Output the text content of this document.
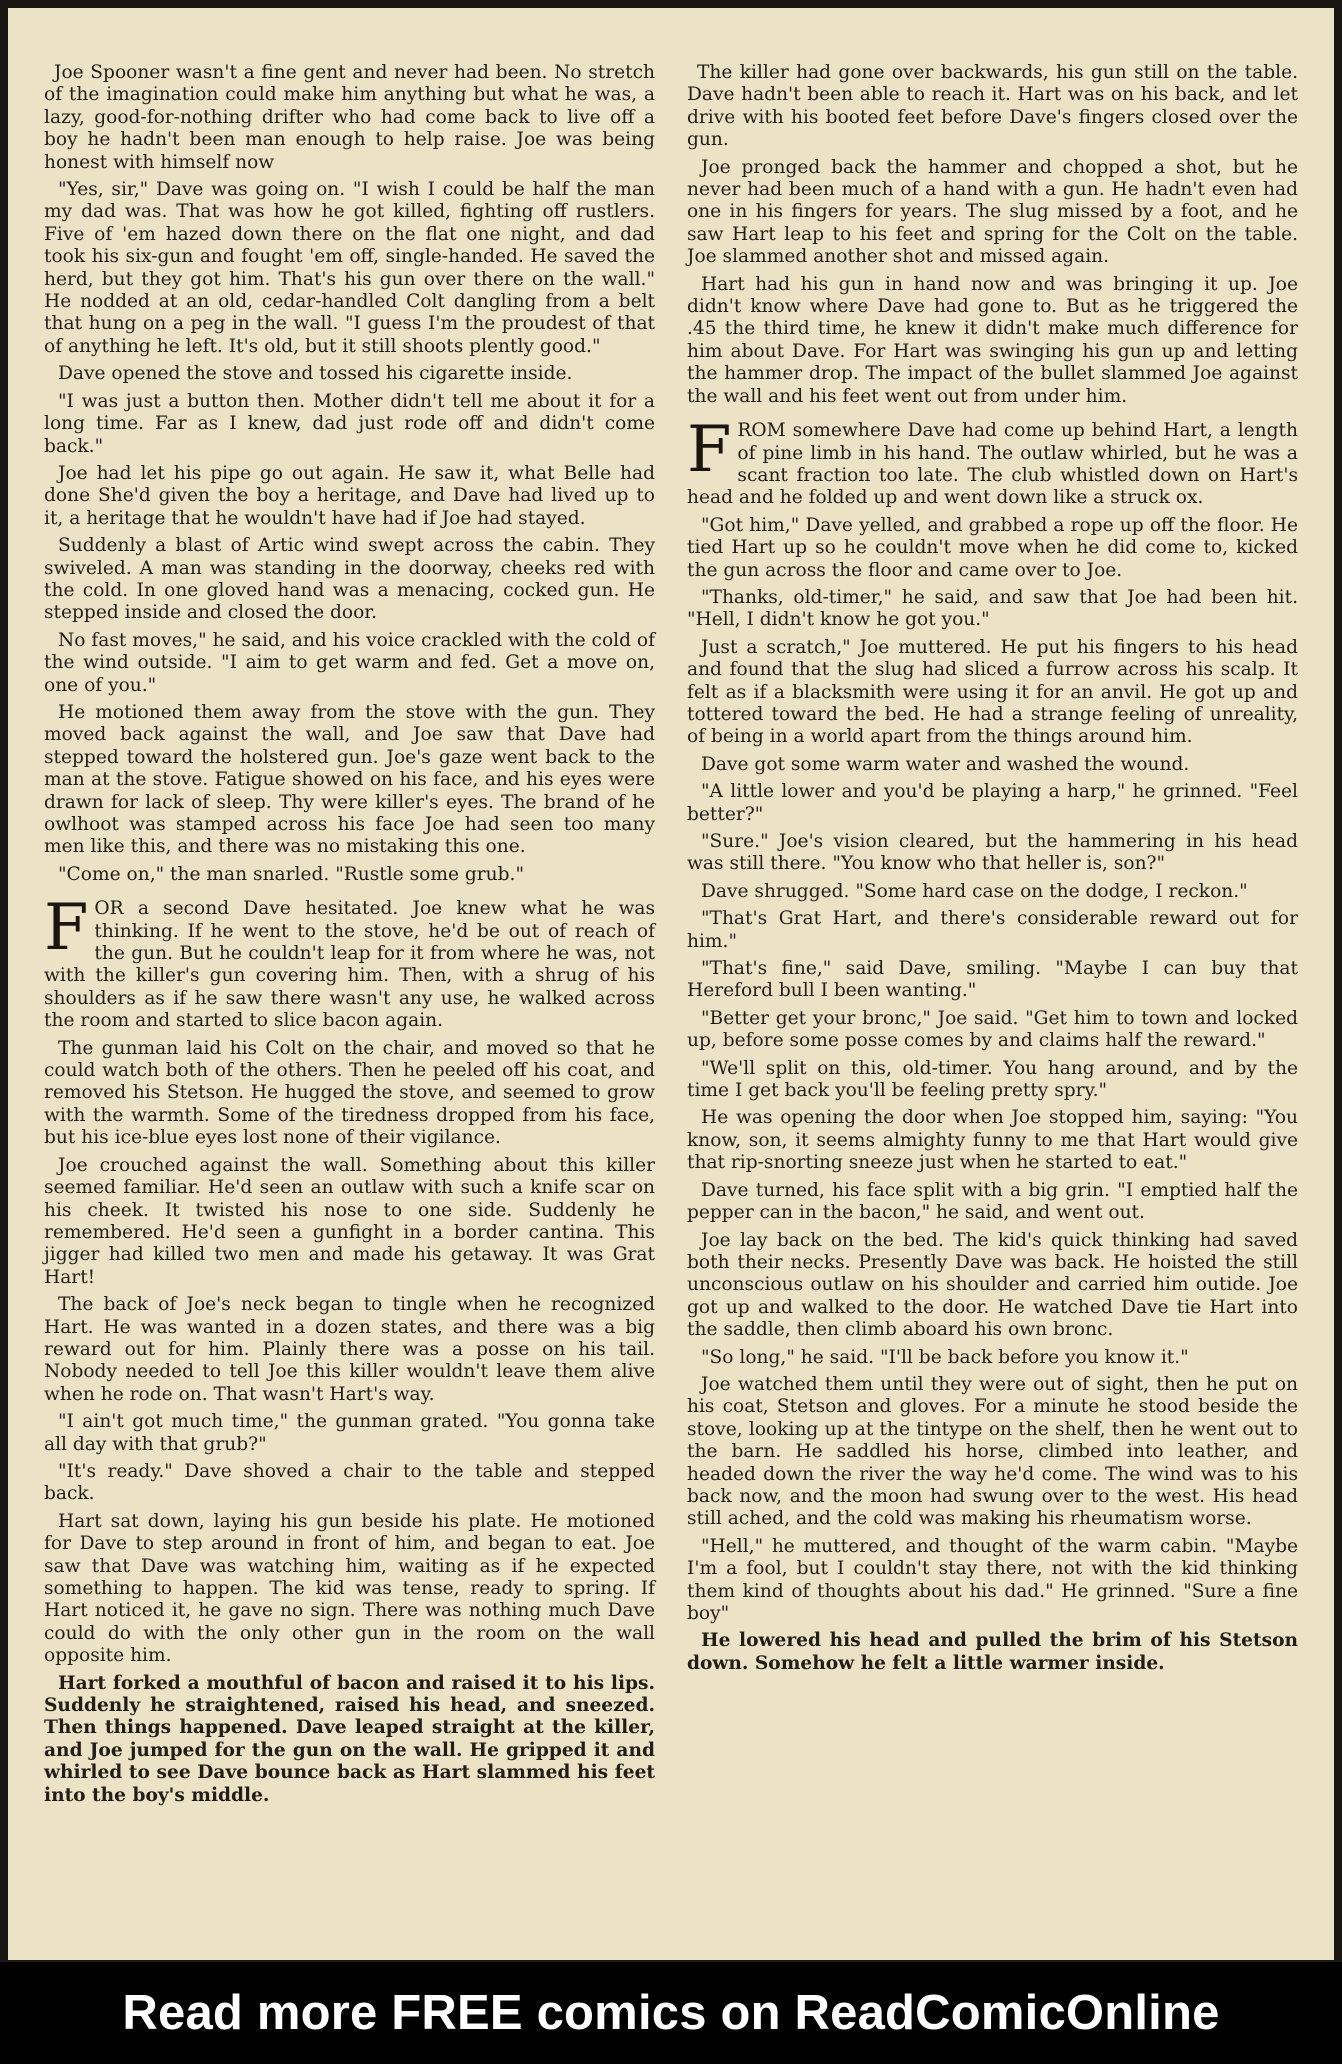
Joe Spooner wasn't a fine gent and never had been. No stretch of the imagination could make him anything but what he was, a lazy, good-for-nothing drifter who had come back to live off a boy he hadn't been man enough to help raise. Joe was being honest with himself now

"Yes, sir," Dave was going on. "I wish I could be half the man my dad was. That was how he got killed, fighting off rustlers. Five of 'em hazed down there on the flat one night, and dad took his six-gun and fought 'em off, single-handed. He saved the herd, but they got him. That's his gun over there on the wall." He nodded at an old, cedar-handled Colt dangling from a belt that hung on a peg in the wall. "I guess I'm the proudest of that of anything he left. It's old, but it still shoots plently good."

Dave opened the stove and tossed his cigarette inside.

"I was just a button then. Mother didn't tell me about it for a long time. Far as I knew, dad just rode off and didn't come back."

Joe had let his pipe go out again. He saw it, what Belle had done She'd given the boy a heritage, and Dave had lived up to it, a heritage that he wouldn't have had if Joe had stayed.

Suddenly a blast of Artic wind swept across the cabin. They swiveled. A man was standing in the doorway, cheeks red with the cold. In one gloved hand was a menacing, cocked gun. He stepped inside and closed the door.

No fast moves," he said, and his voice crackled with the cold of the wind outside. "I aim to get warm and fed. Get a move on, one of you."

He motioned them away from the stove with the gun. They moved back against the wall, and Joe saw that Dave had stepped toward the holstered gun. Joe's gaze went back to the man at the stove. Fatigue showed on his face, and his eyes were drawn for lack of sleep. Thy were killer's eyes. The brand of he owlhoot was stamped across his face Joe had seen too many men like this, and there was no mistaking this one.

"Come on," the man snarled. "Rustle some grub."

FOR a second Dave hesitated. Joe knew what he was thinking. If he went to the stove, he'd be out of reach of the gun. But he couldn't leap for it from where he was, not with the killer's gun covering him. Then, with a shrug of his shoulders as if he saw there wasn't any use, he walked across the room and started to slice bacon again.

The gunman laid his Colt on the chair, and moved so that he could watch both of the others. Then he peeled off his coat, and removed his Stetson. He hugged the stove, and seemed to grow with the warmth. Some of the tiredness dropped from his face, but his ice-blue eyes lost none of their vigilance.

Joe crouched against the wall. Something about this killer seemed familiar. He'd seen an outlaw with such a knife scar on his cheek. It twisted his nose to one side. Suddenly he remembered. He'd seen a gunfight in a border cantina. This jigger had killed two men and made his getaway. It was Grat Hart!

The back of Joe's neck began to tingle when he recognized Hart. He was wanted in a dozen states, and there was a big reward out for him. Plainly there was a posse on his tail. Nobody needed to tell Joe this killer wouldn't leave them alive when he rode on. That wasn't Hart's way.

"I ain't got much time," the gunman grated. "You gonna take all day with that grub?"

"It's ready." Dave shoved a chair to the table and stepped back.

Hart sat down, laying his gun beside his plate. He motioned for Dave to step around in front of him, and began to eat. Joe saw that Dave was watching him, waiting as if he expected something to happen. The kid was tense, ready to spring. If Hart noticed it, he gave no sign. There was nothing much Dave could do with the only other gun in the room on the wall opposite him.

Hart forked a mouthful of bacon and raised it to his lips. Suddenly he straightened, raised his head, and sneezed. Then things happened. Dave leaped straight at the killer, and Joe jumped for the gun on the wall. He gripped it and whirled to see Dave bounce back as Hart slammed his feet into the boy's middle.

The killer had gone over backwards, his gun still on the table. Dave hadn't been able to reach it. Hart was on his back, and let drive with his booted feet before Dave's fingers closed over the gun.

Joe pronged back the hammer and chopped a shot, but he never had been much of a hand with a gun. He hadn't even had one in his fingers for years. The slug missed by a foot, and he saw Hart leap to his feet and spring for the Colt on the table. Joe slammed another shot and missed again.

Hart had his gun in hand now and was bringing it up. Joe didn't know where Dave had gone to. But as he triggered the .45 the third time, he knew it didn't make much difference for him about Dave. For Hart was swinging his gun up and letting the hammer drop. The impact of the bullet slammed Joe against the wall and his feet went out from under him.

FROM somewhere Dave had come up behind Hart, a length of pine limb in his hand. The outlaw whirled, but he was a scant fraction too late. The club whistled down on Hart's head and he folded up and went down like a struck ox.

"Got him," Dave yelled, and grabbed a rope up off the floor. He tied Hart up so he couldn't move when he did come to, kicked the gun across the floor and came over to Joe.

"Thanks, old-timer," he said, and saw that Joe had been hit. "Hell, I didn't know he got you."

Just a scratch," Joe muttered. He put his fingers to his head and found that the slug had sliced a furrow across his scalp. It felt as if a blacksmith were using it for an anvil. He got up and tottered toward the bed. He had a strange feeling of unreality, of being in a world apart from the things around him.

Dave got some warm water and washed the wound.

"A little lower and you'd be playing a harp," he grinned. "Feel better?"

"Sure." Joe's vision cleared, but the hammering in his head was still there. "You know who that heller is, son?"

Dave shrugged. "Some hard case on the dodge, I reckon."

"That's Grat Hart, and there's considerable reward out for him."

"That's fine," said Dave, smiling. "Maybe I can buy that Hereford bull I been wanting."

"Better get your bronc," Joe said. "Get him to town and locked up, before some posse comes by and claims half the reward."

"We'll split on this, old-timer. You hang around, and by the time I get back you'll be feeling pretty spry."

He was opening the door when Joe stopped him, saying: "You know, son, it seems almighty funny to me that Hart would give that rip-snorting sneeze just when he started to eat."

Dave turned, his face split with a big grin. "I emptied half the pepper can in the bacon," he said, and went out.

Joe lay back on the bed. The kid's quick thinking had saved both their necks. Presently Dave was back. He hoisted the still unconscious outlaw on his shoulder and carried him outide. Joe got up and walked to the door. He watched Dave tie Hart into the saddle, then climb aboard his own bronc.

"So long," he said. "I'll be back before you know it."

Joe watched them until they were out of sight, then he put on his coat, Stetson and gloves. For a minute he stood beside the stove, looking up at the tintype on the shelf, then he went out to the barn. He saddled his horse, climbed into leather, and headed down the river the way he'd come. The wind was to his back now, and the moon had swung over to the west. His head still ached, and the cold was making his rheumatism worse.

"Hell," he muttered, and thought of the warm cabin. "Maybe I'm a fool, but I couldn't stay there, not with the kid thinking them kind of thoughts about his dad." He grinned. "Sure a fine boy"

He lowered his head and pulled the brim of his Stetson down. Somehow he felt a little warmer inside.

Read more FREE comics on ReadComicOnline
